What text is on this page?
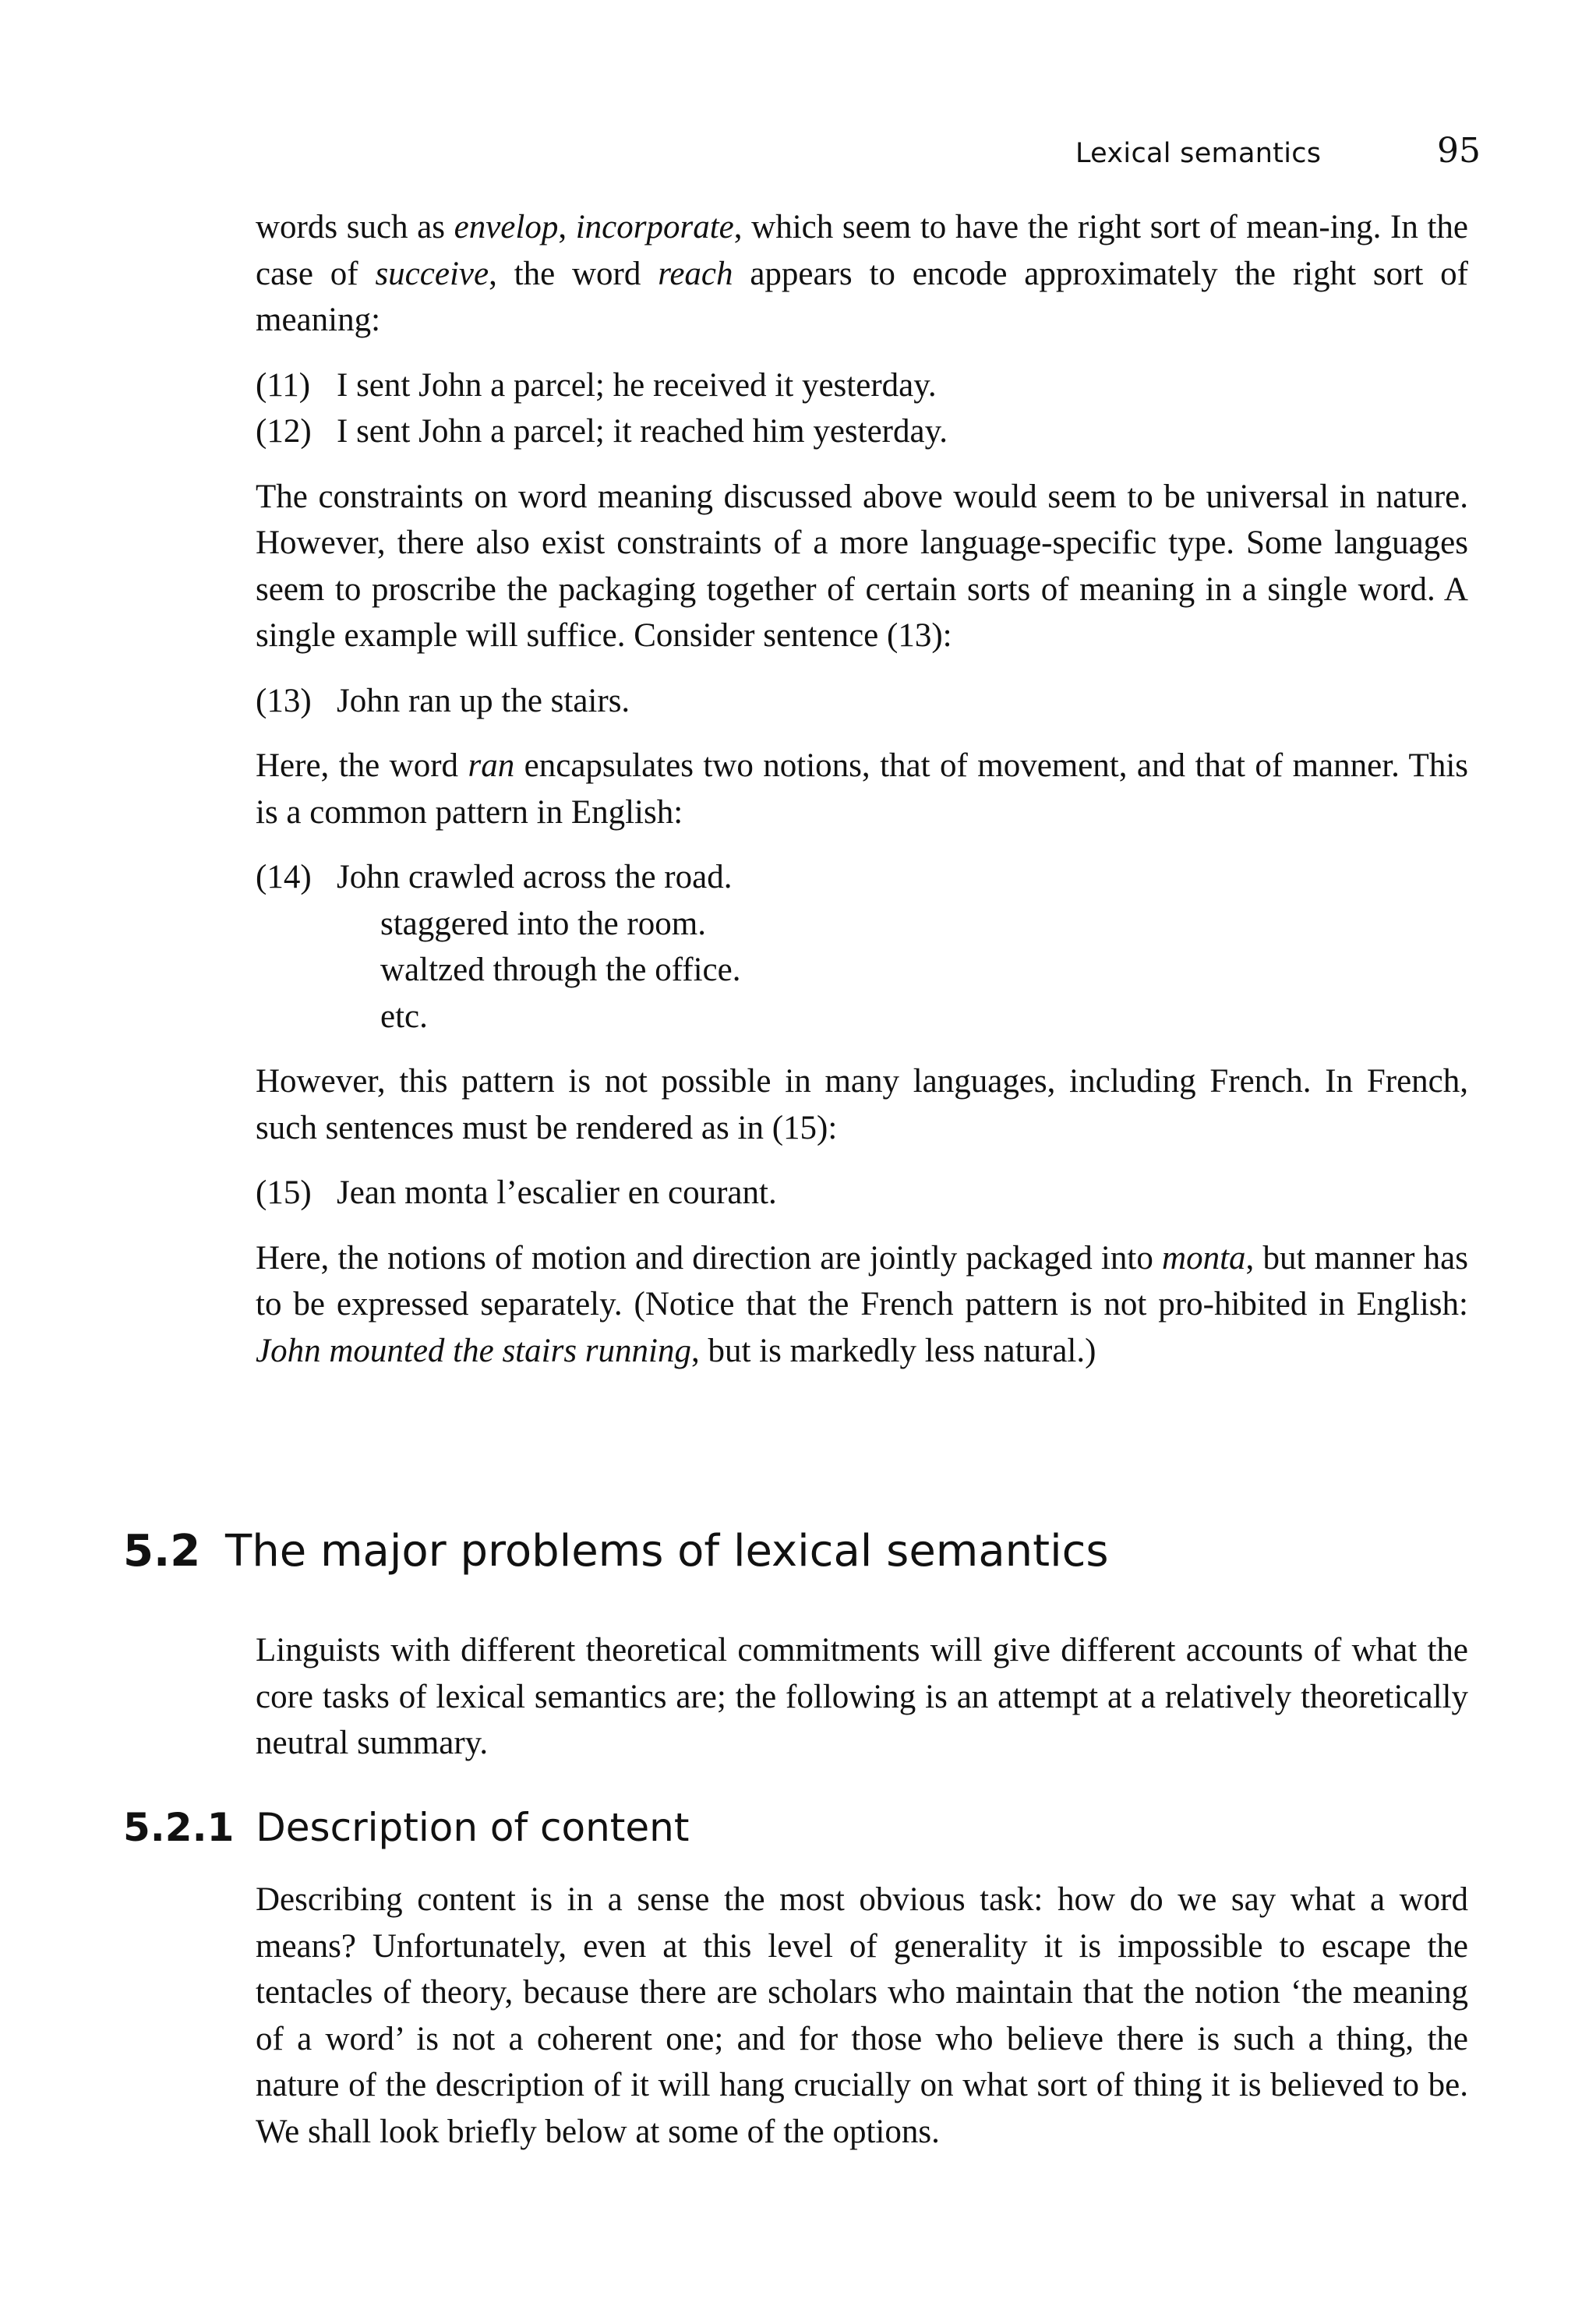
Lexical semantics	95

words such as envelop, incorporate, which seem to have the right sort of mean-ing. In the case of succeive, the word reach appears to encode approximately the right sort of meaning:

(11) I sent John a parcel; he received it yesterday.
(12) I sent John a parcel; it reached him yesterday.

The constraints on word meaning discussed above would seem to be universal in nature. However, there also exist constraints of a more language-specific type. Some languages seem to proscribe the packaging together of certain sorts of meaning in a single word. A single example will suffice. Consider sentence (13):

(13) John ran up the stairs.

Here, the word ran encapsulates two notions, that of movement, and that of manner. This is a common pattern in English:

(14) John crawled across the road.

staggered into the room.

waltzed through the office.

etc.

However, this pattern is not possible in many languages, including French. In French, such sentences must be rendered as in (15):

(15) Jean monta l’escalier en courant.

Here, the notions of motion and direction are jointly packaged into monta, but manner has to be expressed separately. (Notice that the French pattern is not pro-hibited in English: John mounted the stairs running, but is markedly less natural.)

5.2 The major problems of lexical semantics

Linguists with different theoretical commitments will give different accounts of what the core tasks of lexical semantics are; the following is an attempt at a relatively theoretically neutral summary.

5.2.1 Description of content

Describing content is in a sense the most obvious task: how do we say what a word means? Unfortunately, even at this level of generality it is impossible to escape the tentacles of theory, because there are scholars who maintain that the notion ‘the meaning of a word’ is not a coherent one; and for those who believe there is such a thing, the nature of the description of it will hang crucially on what sort of thing it is believed to be. We shall look briefly below at some of the options.
